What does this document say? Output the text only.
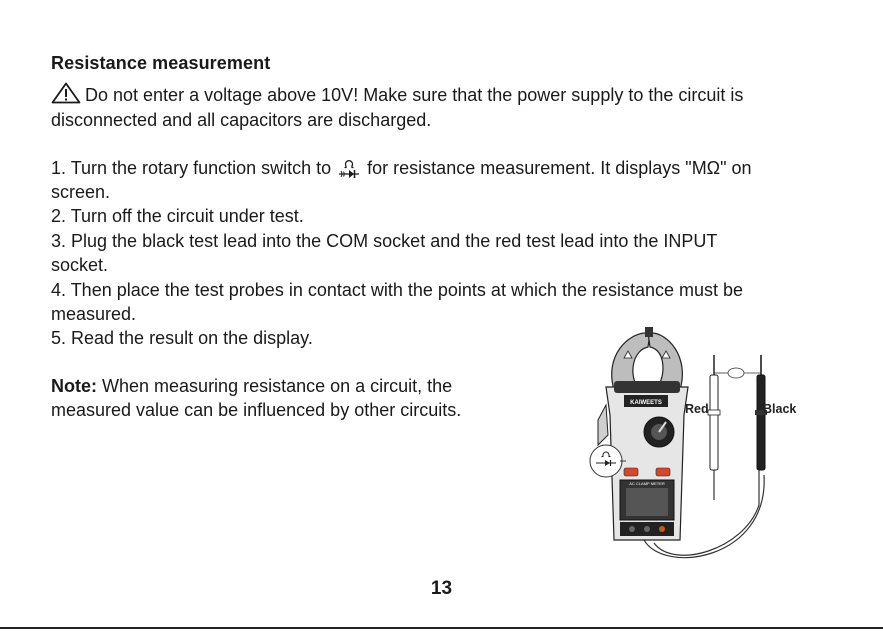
Resistance measurement
Do not enter a voltage above 10V! Make sure that the power supply to the circuit is
disconnected and all capacitors are discharged.
1. Turn the rotary function switch to for resistance measurement. It displays "MΩ" on
screen.
2. Turn off the circuit under test.
3. Plug the black test lead into the COM socket and the red test lead into the INPUT
socket.
4. Then place the test probes in contact with the points at which the resistance must be
measured.
5. Read the result on the display.
Note: When measuring resistance on a circuit, the
measured value can be influenced by other circuits.	KAIWEETS
AC CLAMP METER
Red	Black
13
